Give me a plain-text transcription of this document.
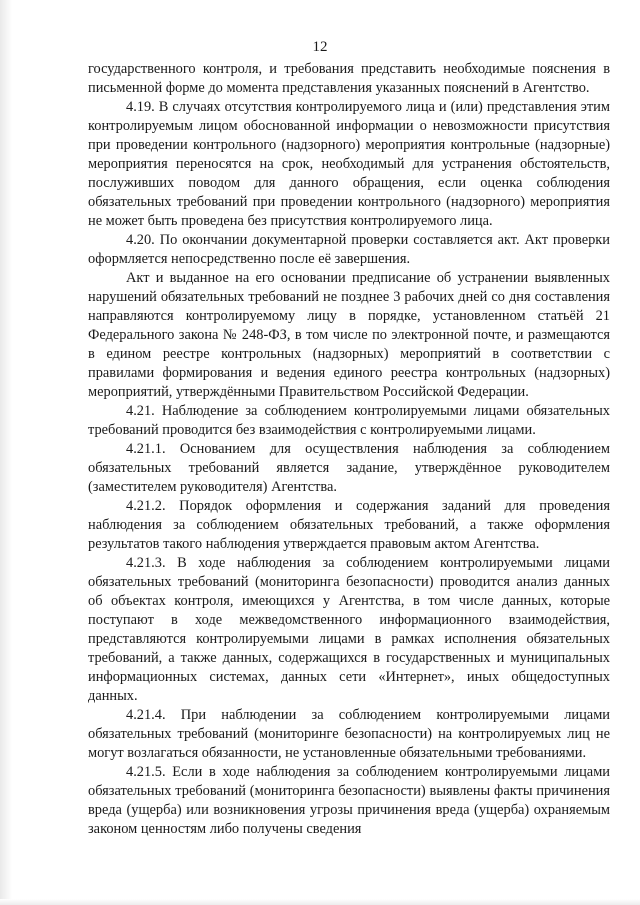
12

государственного контроля, и требования представить необходимые пояснения в письменной форме до момента представления указанных пояснений в Агентство.

4.19. В случаях отсутствия контролируемого лица и (или) представления этим контролируемым лицом обоснованной информации о невозможности присутствия при проведении контрольного (надзорного) мероприятия контрольные (надзорные) мероприятия переносятся на срок, необходимый для устранения обстоятельств, послуживших поводом для данного обращения, если оценка соблюдения обязательных требований при проведении контрольного (надзорного) мероприятия не может быть проведена без присутствия контролируемого лица.

4.20. По окончании документарной проверки составляется акт. Акт проверки оформляется непосредственно после её завершения.

Акт и выданное на его основании предписание об устранении выявленных нарушений обязательных требований не позднее 3 рабочих дней со дня составления направляются контролируемому лицу в порядке, установленном статьёй 21 Федерального закона № 248-ФЗ, в том числе по электронной почте, и размещаются в едином реестре контрольных (надзорных) мероприятий в соответствии с правилами формирования и ведения единого реестра контрольных (надзорных) мероприятий, утверждёнными Правительством Российской Федерации.

4.21. Наблюдение за соблюдением контролируемыми лицами обязательных требований проводится без взаимодействия с контролируемыми лицами.

4.21.1. Основанием для осуществления наблюдения за соблюдением обязательных требований является задание, утверждённое руководителем (заместителем руководителя) Агентства.

4.21.2. Порядок оформления и содержания заданий для проведения наблюдения за соблюдением обязательных требований, а также оформления результатов такого наблюдения утверждается правовым актом Агентства.

4.21.3. В ходе наблюдения за соблюдением контролируемыми лицами обязательных требований (мониторинга безопасности) проводится анализ данных об объектах контроля, имеющихся у Агентства, в том числе данных, которые поступают в ходе межведомственного информационного взаимодействия, представляются контролируемыми лицами в рамках исполнения обязательных требований, а также данных, содержащихся в государственных и муниципальных информационных системах, данных сети «Интернет», иных общедоступных данных.

4.21.4. При наблюдении за соблюдением контролируемыми лицами обязательных требований (мониторинге безопасности) на контролируемых лиц не могут возлагаться обязанности, не установленные обязательными требованиями.

4.21.5. Если в ходе наблюдения за соблюдением контролируемыми лицами обязательных требований (мониторинга безопасности) выявлены факты причинения вреда (ущерба) или возникновения угрозы причинения вреда (ущерба) охраняемым законом ценностям либо получены сведения
